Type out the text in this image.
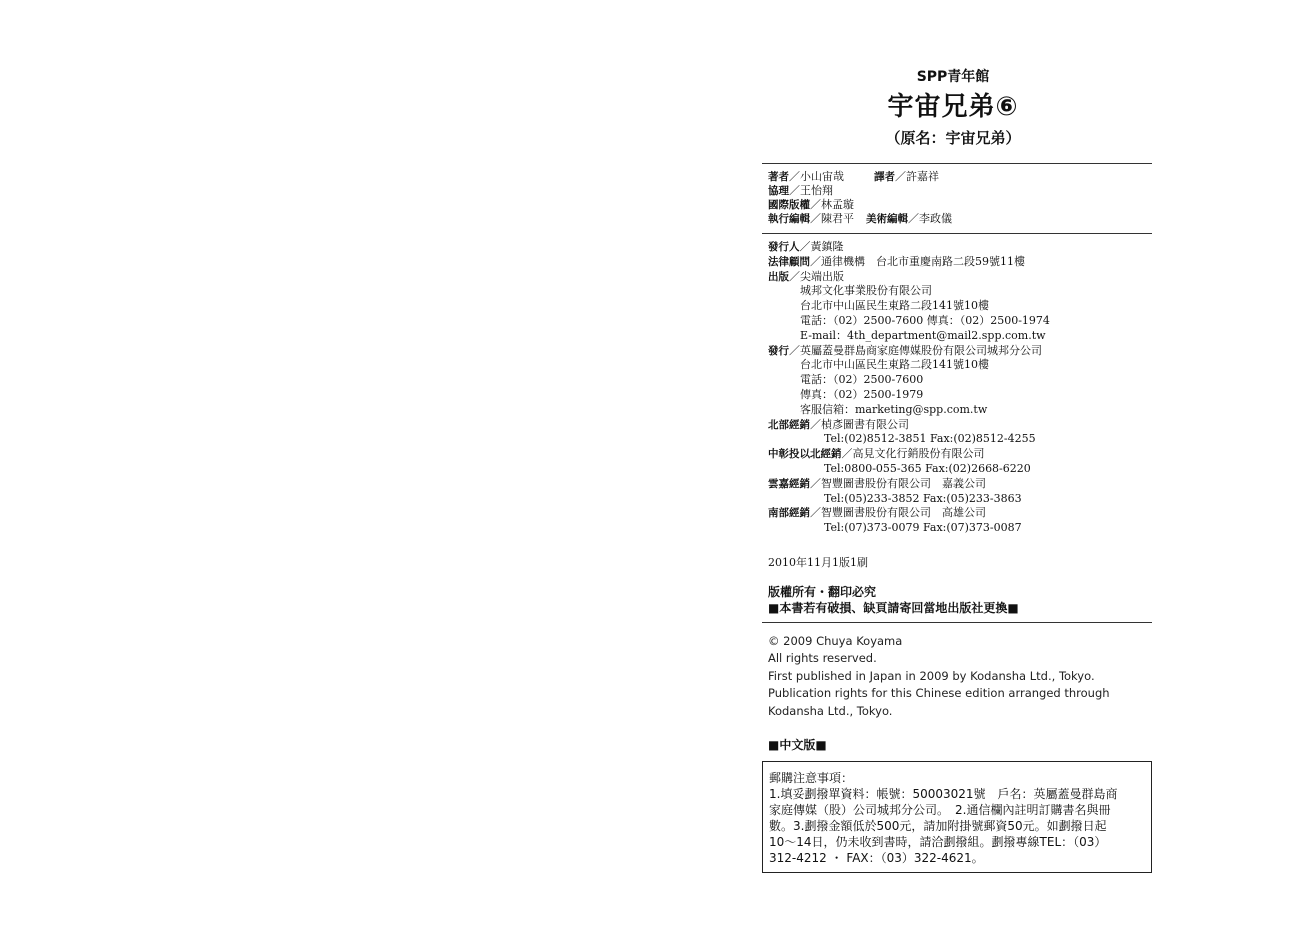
SPP青年館
宇宙兄弟⑥
（原名：宇宙兄弟）
著者／小山宙哉	譯者／許嘉祥
協理／王怡翔
國際版權／林孟璇
執行編輯／陳君平 美術編輯／李政儀
發行人／黃鎮隆
法律顧問／通律機構　台北市重慶南路二段59號11樓
出版／尖端出版
城邦文化事業股份有限公司
台北市中山區民生東路二段141號10樓
電話：（02）2500-7600 傳真：（02）2500-1974
E-mail：4th_department@mail2.spp.com.tw
發行／英屬蓋曼群島商家庭傳媒股份有限公司城邦分公司
台北市中山區民生東路二段141號10樓
電話：（02）2500-7600
傳真：（02）2500-1979
客服信箱：marketing@spp.com.tw
北部經銷／楨彥圖書有限公司
Tel:(02)8512-3851 Fax:(02)8512-4255
中彰投以北經銷／高見文化行銷股份有限公司
Tel:0800-055-365 Fax:(02)2668-6220
雲嘉經銷／智豐圖書股份有限公司　嘉義公司
Tel:(05)233-3852 Fax:(05)233-3863
南部經銷／智豐圖書股份有限公司　高雄公司
Tel:(07)373-0079 Fax:(07)373-0087
2010年11月1版1刷
版權所有・翻印必究
■本書若有破損、缺頁請寄回當地出版社更換■
© 2009 Chuya Koyama
All rights reserved.
First published in Japan in 2009 by Kodansha Ltd., Tokyo.
Publication rights for this Chinese edition arranged through
Kodansha Ltd., Tokyo.
■中文版■
郵購注意事項：
1.填妥劃撥單資料：帳號：50003021號　戶名：英屬蓋曼群島商
家庭傳媒（股）公司城邦分公司。　2.通信欄內註明訂購書名與冊
數。3.劃撥金額低於500元，請加附掛號郵資50元。如劃撥日起
10～14日，仍未收到書時，請洽劃撥組。劃撥專線TEL：（03）
312-4212 ・ FAX：（03）322-4621。
